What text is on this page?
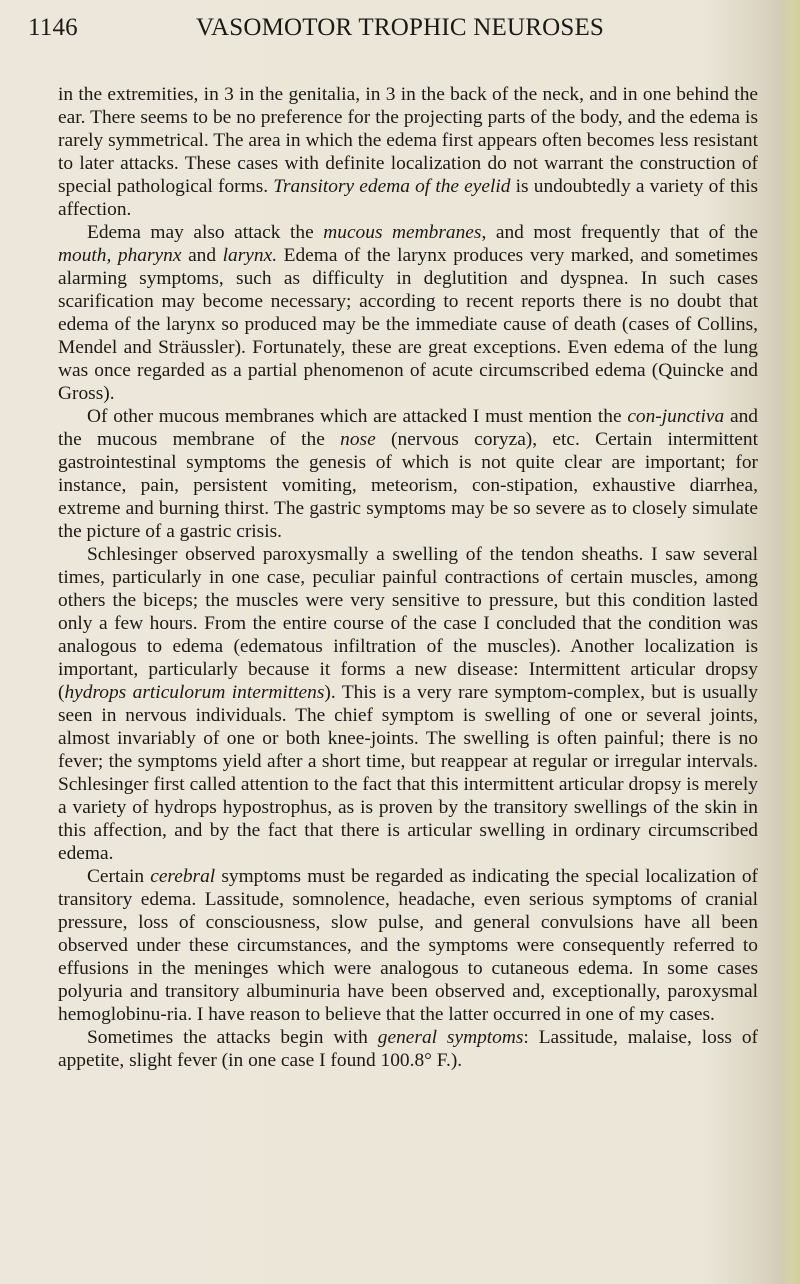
1146	VASOMOTOR TROPHIC NEUROSES

in the extremities, in 3 in the genitalia, in 3 in the back of the neck, and in one behind the ear. There seems to be no preference for the projecting parts of the body, and the edema is rarely symmetrical. The area in which the edema first appears often becomes less resistant to later attacks. These cases with definite localization do not warrant the construction of special pathological forms. Transitory edema of the eyelid is undoubtedly a variety of this affection.

Edema may also attack the mucous membranes, and most frequently that of the mouth, pharynx and larynx. Edema of the larynx produces very marked, and sometimes alarming symptoms, such as difficulty in deglutition and dyspnea. In such cases scarification may become necessary; according to recent reports there is no doubt that edema of the larynx so produced may be the immediate cause of death (cases of Collins, Mendel and Sträussler). Fortunately, these are great exceptions. Even edema of the lung was once regarded as a partial phenomenon of acute circumscribed edema (Quincke and Gross).

Of other mucous membranes which are attacked I must mention the con-junctiva and the mucous membrane of the nose (nervous coryza), etc. Certain intermittent gastrointestinal symptoms the genesis of which is not quite clear are important; for instance, pain, persistent vomiting, meteorism, con-stipation, exhaustive diarrhea, extreme and burning thirst. The gastric symptoms may be so severe as to closely simulate the picture of a gastric crisis.

Schlesinger observed paroxysmally a swelling of the tendon sheaths. I saw several times, particularly in one case, peculiar painful contractions of certain muscles, among others the biceps; the muscles were very sensitive to pressure, but this condition lasted only a few hours. From the entire course of the case I concluded that the condition was analogous to edema (edematous infiltration of the muscles). Another localization is important, particularly because it forms a new disease: Intermittent articular dropsy (hydrops articulorum intermittens). This is a very rare symptom-complex, but is usually seen in nervous individuals. The chief symptom is swelling of one or several joints, almost invariably of one or both knee-joints. The swelling is often painful; there is no fever; the symptoms yield after a short time, but reappear at regular or irregular intervals. Schlesinger first called attention to the fact that this intermittent articular dropsy is merely a variety of hydrops hypostrophus, as is proven by the transitory swellings of the skin in this affection, and by the fact that there is articular swelling in ordinary circumscribed edema.

Certain cerebral symptoms must be regarded as indicating the special localization of transitory edema. Lassitude, somnolence, headache, even serious symptoms of cranial pressure, loss of consciousness, slow pulse, and general convulsions have all been observed under these circumstances, and the symptoms were consequently referred to effusions in the meninges which were analogous to cutaneous edema. In some cases polyuria and transitory albuminuria have been observed and, exceptionally, paroxysmal hemoglobinu-ria. I have reason to believe that the latter occurred in one of my cases.

Sometimes the attacks begin with general symptoms: Lassitude, malaise, loss of appetite, slight fever (in one case I found 100.8° F.).
